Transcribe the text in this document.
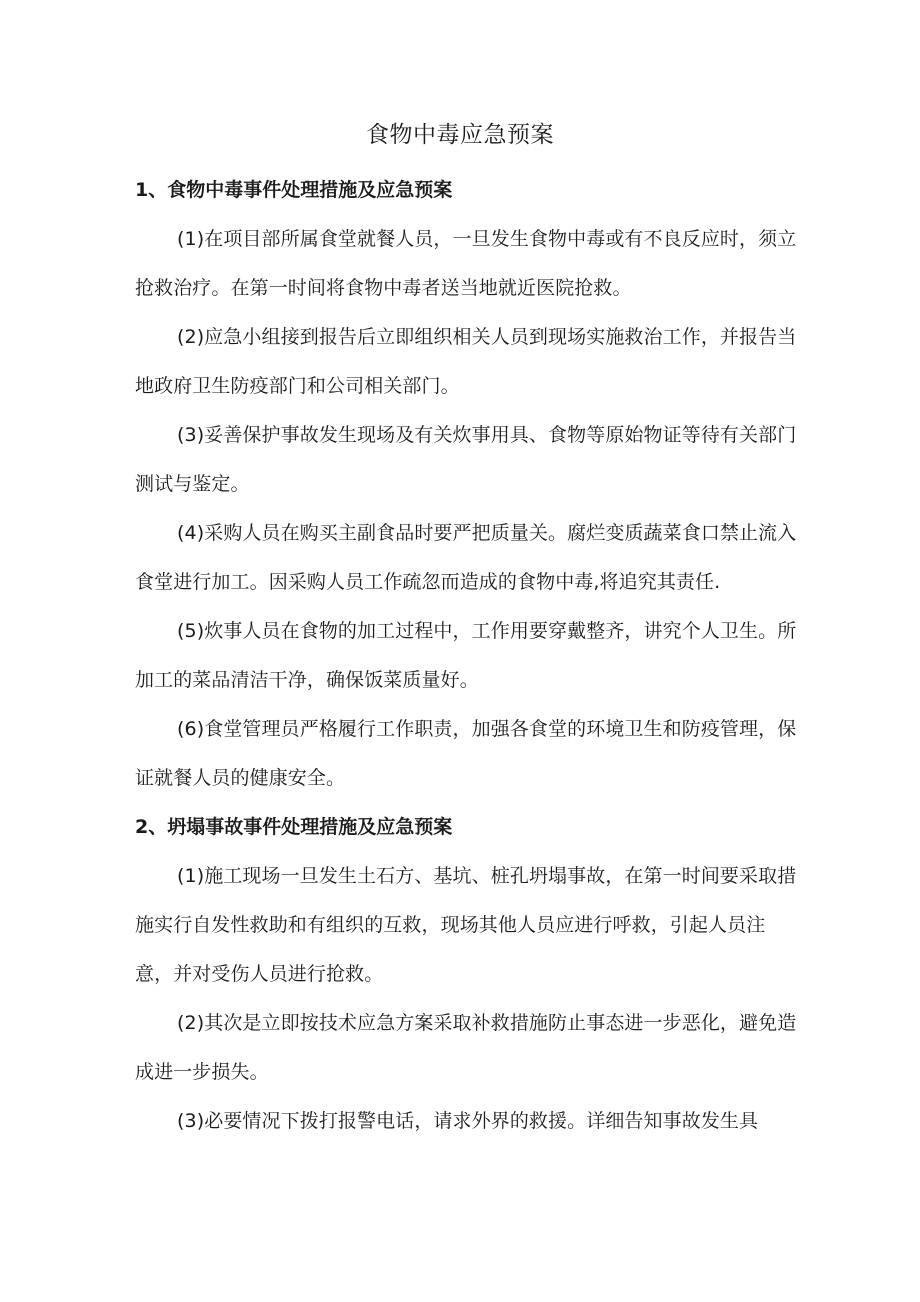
食物中毒应急预案
1、食物中毒事件处理措施及应急预案

(1)在项目部所属食堂就餐人员，一旦发生食物中毒或有不良反应时，须立抢救治疗。在第一时间将食物中毒者送当地就近医院抢救。

(2)应急小组接到报告后立即组织相关人员到现场实施救治工作，并报告当地政府卫生防疫部门和公司相关部门。

(3)妥善保护事故发生现场及有关炊事用具、食物等原始物证等待有关部门测试与鉴定。

(4)采购人员在购买主副食品时要严把质量关。腐烂变质蔬菜食口禁止流入食堂进行加工。因采购人员工作疏忽而造成的食物中毒,将追究其责任.

(5)炊事人员在食物的加工过程中，工作用要穿戴整齐，讲究个人卫生。所加工的菜品清洁干净，确保饭菜质量好。

(6)食堂管理员严格履行工作职责，加强各食堂的环境卫生和防疫管理，保证就餐人员的健康安全。

2、坍塌事故事件处理措施及应急预案

(1)施工现场一旦发生土石方、基坑、桩孔坍塌事故，在第一时间要采取措施实行自发性救助和有组织的互救，现场其他人员应进行呼救，引起人员注意，并对受伤人员进行抢救。

(2)其次是立即按技术应急方案采取补救措施防止事态进一步恶化，避免造成进一步损失。

(3)必要情况下拨打报警电话，请求外界的救援。详细告知事故发生具
